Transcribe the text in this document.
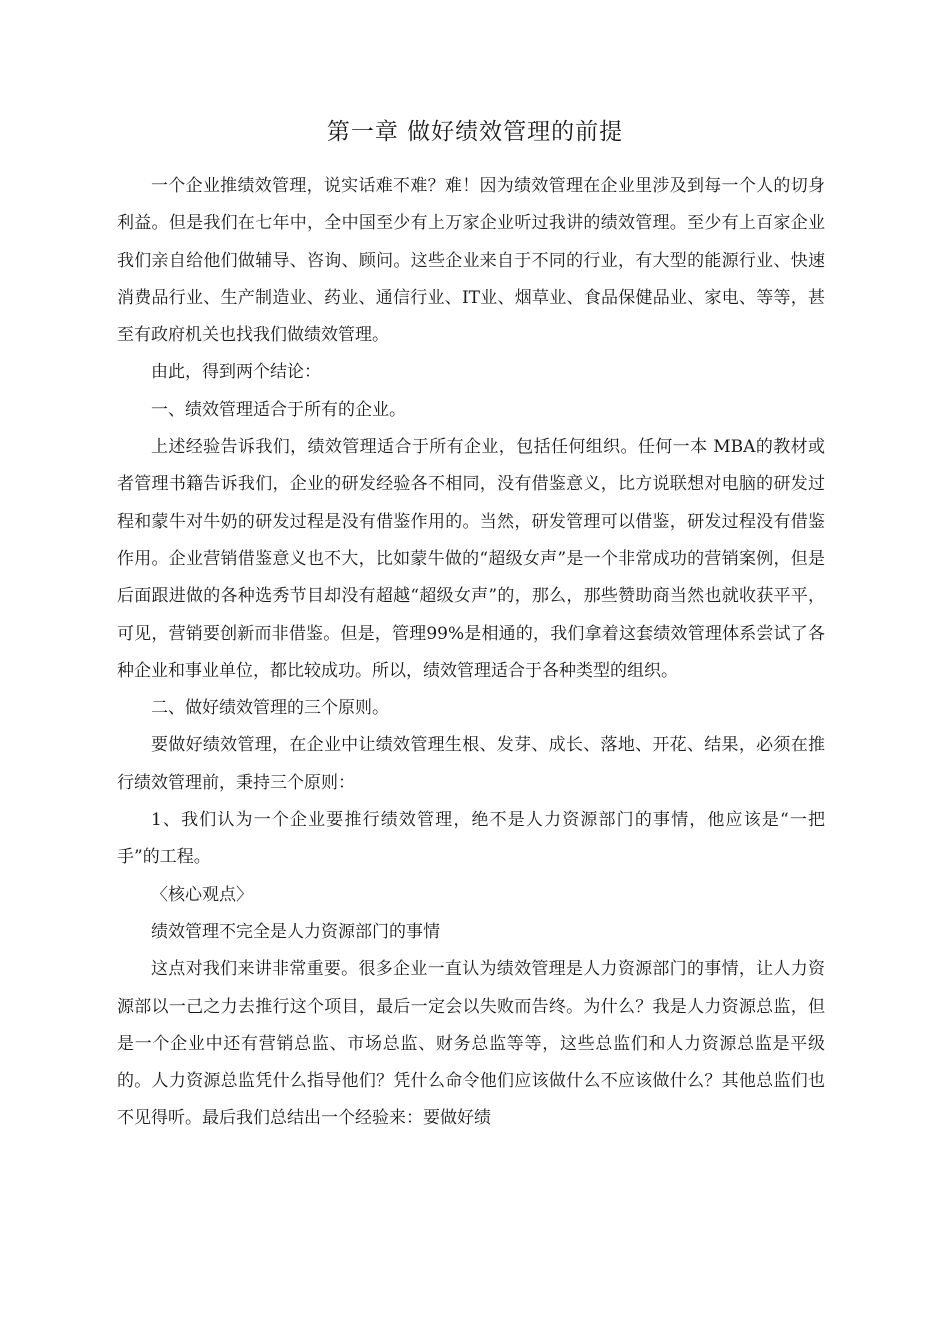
第一章 做好绩效管理的前提

一个企业推绩效管理，说实话难不难？难！因为绩效管理在企业里涉及到每一个人的切身利益。但是我们在七年中，全中国至少有上万家企业听过我讲的绩效管理。至少有上百家企业我们亲自给他们做辅导、咨询、顾问。这些企业来自于不同的行业，有大型的能源行业、快速消费品行业、生产制造业、药业、通信行业、IT业、烟草业、食品保健品业、家电、等等，甚至有政府机关也找我们做绩效管理。

由此，得到两个结论：

一、绩效管理适合于所有的企业。

上述经验告诉我们，绩效管理适合于所有企业，包括任何组织。任何一本 MBA的教材或者管理书籍告诉我们，企业的研发经验各不相同，没有借鉴意义，比方说联想对电脑的研发过程和蒙牛对牛奶的研发过程是没有借鉴作用的。当然，研发管理可以借鉴，研发过程没有借鉴作用。企业营销借鉴意义也不大，比如蒙牛做的“超级女声”是一个非常成功的营销案例，但是后面跟进做的各种选秀节目却没有超越“超级女声”的，那么，那些赞助商当然也就收获平平，可见，营销要创新而非借鉴。但是，管理99%是相通的，我们拿着这套绩效管理体系尝试了各种企业和事业单位，都比较成功。所以，绩效管理适合于各种类型的组织。

二、做好绩效管理的三个原则。

要做好绩效管理，在企业中让绩效管理生根、发芽、成长、落地、开花、结果，必须在推行绩效管理前，秉持三个原则：

1、我们认为一个企业要推行绩效管理，绝不是人力资源部门的事情，他应该是“一把手”的工程。

〈核心观点〉

绩效管理不完全是人力资源部门的事情

这点对我们来讲非常重要。很多企业一直认为绩效管理是人力资源部门的事情，让人力资源部以一己之力去推行这个项目，最后一定会以失败而告终。为什么？我是人力资源总监，但是一个企业中还有营销总监、市场总监、财务总监等等，这些总监们和人力资源总监是平级的。人力资源总监凭什么指导他们？凭什么命令他们应该做什么不应该做什么？其他总监们也不见得听。最后我们总结出一个经验来：要做好绩
